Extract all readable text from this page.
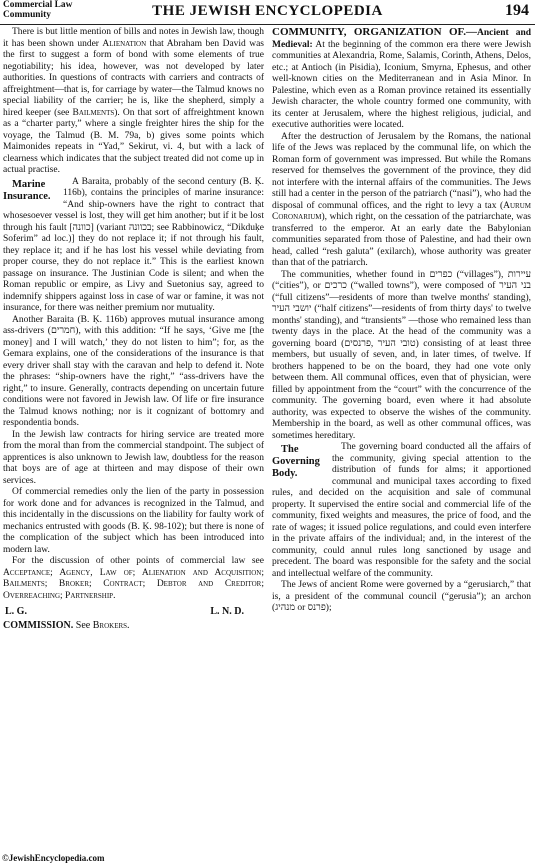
Commercial Law
Community	THE JEWISH ENCYCLOPEDIA	194

There is but little mention of bills and notes in Jewish law, though it has been shown under Alienation that Abraham ben David was the first to suggest a form of bond with some elements of true negotiability; his idea, however, was not developed by later authorities. In questions of contracts with carriers and contracts of affreightment—that is, for carriage by water—the Talmud knows no special liability of the carrier; he is, like the shepherd, simply a hired keeper (see Bailments). On that sort of affreightment known as a “charter party,” where a single freighter hires the ship for the voyage, the Talmud (B. M. 79a, b) gives some points which Maimonides repeats in “Yad,” Sekirut, vi. 4, but with a lack of clearness which indicates that the subject treated did not come up in actual practise.

Marine Insurance.
A Baraita, probably of the second century (B. Ḳ. 116b), contains the principles of marine insurance: “And ship-owners have the right to contract that whosesoever vessel is lost, they will get him another; but if it be lost through his fault [כוונה] (variant בכוונה; see Rabbinowicz, “Dikduḳe Soferim” ad loc.)] they do not replace it; if not through his fault, they replace it; and if he has lost his vessel while deviating from proper course, they do not replace it.” This is the earliest known passage on insurance. The Justinian Code is silent; and when the Roman republic or empire, as Livy and Suetonius say, agreed to indemnify shippers against loss in case of war or famine, it was not insurance, for there was neither premium nor mutuality.

Another Baraita (B. Ḳ. 116b) approves mutual insurance among ass-drivers (חמרים), with this addition: “If he says, ‘Give me [the money] and I will watch,’ they do not listen to him”; for, as the Gemara explains, one of the considerations of the insurance is that every driver shall stay with the caravan and help to defend it. Note the phrases: “ship-owners have the right,” “ass-drivers have the right,” to insure. Generally, contracts depending on uncertain future conditions were not favored in Jewish law. Of life or fire insurance the Talmud knows nothing; nor is it cognizant of bottomry and respondentia bonds.

In the Jewish law contracts for hiring service are treated more from the moral than from the commercial standpoint. The subject of apprentices is also unknown to Jewish law, doubtless for the reason that boys are of age at thirteen and may dispose of their own services.

Of commercial remedies only the lien of the party in possession for work done and for advances is recognized in the Talmud, and this incidentally in the discussions on the liability for faulty work of mechanics entrusted with goods (B. Ḳ. 98-102); but there is none of the complication of the subject which has been introduced into modern law.

For the discussion of other points of commercial law see Acceptance; Agency, Law of; Alienation and Acquisition; Bailments; Broker; Contract; Debtor and Creditor; Overreaching; Partnership.

L. G.	L. N. D.

COMMISSION. See Brokers.

COMMUNITY, ORGANIZATION OF.—Ancient and Medieval: At the beginning of the common era there were Jewish communities at Alexandria, Rome, Salamis, Corinth, Athens, Delos, etc.; at Antioch (in Pisidia), Iconium, Smyrna, Ephesus, and other well-known cities on the Mediterranean and in Asia Minor. In Palestine, which even as a Roman province retained its essentially Jewish character, the whole country formed one community, with its center at Jerusalem, where the highest religious, judicial, and executive authorities were located.

After the destruction of Jerusalem by the Romans, the national life of the Jews was replaced by the communal life, on which the Roman form of government was impressed. But while the Romans reserved for themselves the government of the province, they did not interfere with the internal affairs of the communities. The Jews still had a center in the person of the patriarch (“nasi”), who had the disposal of communal offices, and the right to levy a tax (Aurum Coronarium), which right, on the cessation of the patriarchate, was transferred to the emperor. At an early date the Babylonian communities separated from those of Palestine, and had their own head, called “resh galuta” (exilarch), whose authority was greater than that of the patriarch.

The communities, whether found in כפרים (“villages”), עיירות (“cities”), or כרכים (“walled towns”), were composed of בני העיר (“full citizens”—residents of more than twelve months' standing), יושבי העיר (“half citizens”—residents of from thirty days' to twelve months' standing), and “transients” —those who remained less than twenty days in the place. At the head of the community was a governing board (טובי העיר ,פרנסים) consisting of at least three members, but usually of seven, and, in later times, of twelve. If brothers happened to be on the board, they had one vote only between them. All communal offices, even that of physician, were filled by appointment from the “court” with the concurrence of the community. The governing board, even where it had absolute authority, was expected to observe the wishes of the community. Membership in the board, as well as other communal offices, was sometimes hereditary.

The Governing Body.
The governing board conducted all the affairs of the community, giving special attention to the distribution of funds for alms; it apportioned communal and municipal taxes according to fixed rules, and decided on the acquisition and sale of communal property. It supervised the entire social and commercial life of the community, fixed weights and measures, the price of food, and the rate of wages; it issued police regulations, and could even interfere in the private affairs of the individual; and, in the interest of the community, could annul rules long sanctioned by usage and precedent. The board was responsible for the safety and the social and intellectual welfare of the community.

The Jews of ancient Rome were governed by a “gerusiarch,” that is, a president of the communal council (“gerusia”); an archon (מנהיג or פרנס);

©JewishEncyclopedia.com
